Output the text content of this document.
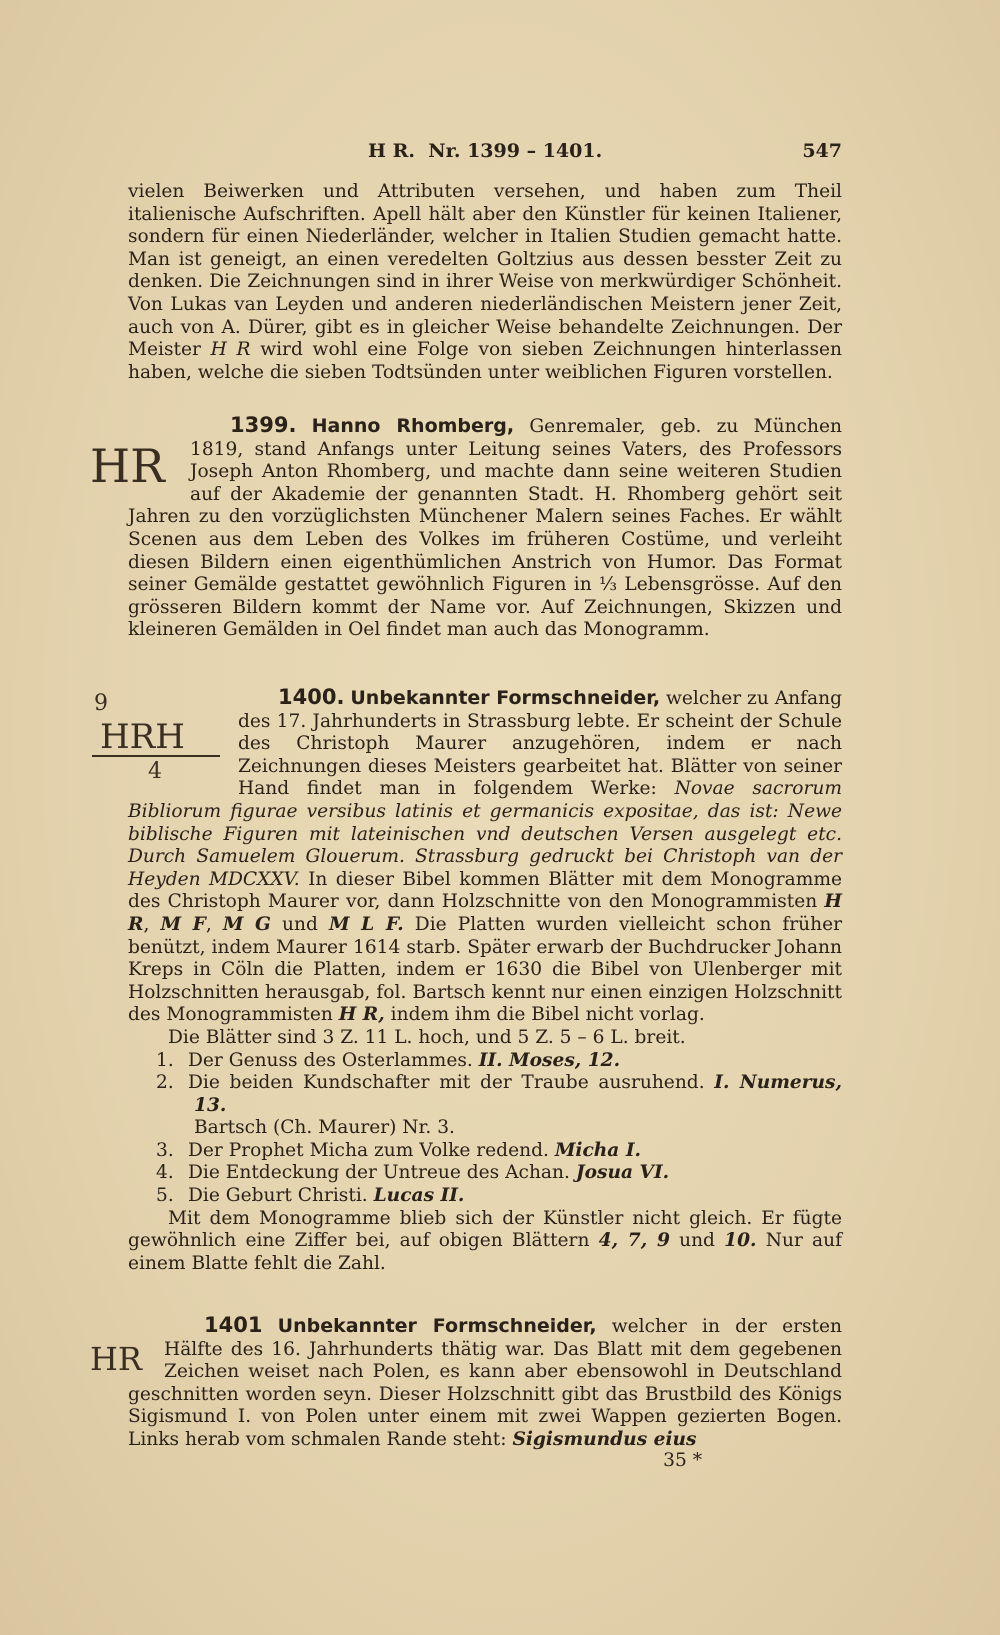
H R. Nr. 1399 – 1401.	547

vielen Beiwerken und Attributen versehen, und haben zum Theil italienische Aufschriften. Apell hält aber den Künstler für keinen Italiener, sondern für einen Niederländer, welcher in Italien Studien gemacht hatte. Man ist geneigt, an einen veredelten Goltzius aus dessen besster Zeit zu denken. Die Zeichnungen sind in ihrer Weise von merkwürdiger Schönheit. Von Lukas van Leyden und anderen niederländischen Meistern jener Zeit, auch von A. Dürer, gibt es in gleicher Weise behandelte Zeichnungen. Der Meister H R wird wohl eine Folge von sieben Zeichnungen hinterlassen haben, welche die sieben Todtsünden unter weiblichen Figuren vorstellen.

1399. Hanno Rhomberg,
HR
Genremaler, geb. zu München 1819, stand Anfangs unter Leitung seines Vaters, des Professors Joseph Anton Rhomberg, und machte dann seine weiteren Studien auf der Akademie der genannten Stadt. H. Rhomberg gehört seit Jahren zu den vorzüglichsten Münchener Malern seines Faches. Er wählt Scenen aus dem Leben des Volkes im früheren Costüme, und verleiht diesen Bildern einen eigenthümlichen Anstrich von Humor. Das Format seiner Gemälde gestattet gewöhnlich Figuren in ⅓ Lebensgrösse. Auf den grösseren Bildern kommt der Name vor. Auf Zeichnungen, Skizzen und kleineren Gemälden in Oel findet man auch das Monogramm.

1400. Unbekannter Formschneider,
9
HRH
4
welcher zu Anfang des 17. Jahrhunderts in Strassburg lebte. Er scheint der Schule des Christoph Maurer anzugehören, indem er nach Zeichnungen dieses Meisters gearbeitet hat. Blätter von seiner Hand findet man in folgendem Werke: Novae sacrorum Bibliorum figurae versibus latinis et germanicis expositae, das ist: Newe biblische Figuren mit lateinischen vnd deutschen Versen ausgelegt etc. Durch Samuelem Glouerum. Strassburg gedruckt bei Christoph van der Heyden MDCXXV. In dieser Bibel kommen Blätter mit dem Monogramme des Christoph Maurer vor, dann Holzschnitte von den Monogrammisten H R, M F, M G und M L F. Die Platten wurden vielleicht schon früher benützt, indem Maurer 1614 starb. Später erwarb der Buchdrucker Johann Kreps in Cöln die Platten, indem er 1630 die Bibel von Ulenberger mit Holzschnitten herausgab, fol. Bartsch kennt nur einen einzigen Holzschnitt des Monogrammisten H R, indem ihm die Bibel nicht vorlag.

Die Blätter sind 3 Z. 11 L. hoch, und 5 Z. 5 – 6 L. breit.

1. Der Genuss des Osterlammes. II. Moses, 12.
2. Die beiden Kundschafter mit der Traube ausruhend. I. Numerus, 13.
Bartsch (Ch. Maurer) Nr. 3.
3. Der Prophet Micha zum Volke redend. Micha I.
4. Die Entdeckung der Untreue des Achan. Josua VI.
5. Die Geburt Christi. Lucas II.

Mit dem Monogramme blieb sich der Künstler nicht gleich. Er fügte gewöhnlich eine Ziffer bei, auf obigen Blättern 4, 7, 9 und 10. Nur auf einem Blatte fehlt die Zahl.

1401 Unbekannter Formschneider,
HR
welcher in der ersten Hälfte des 16. Jahrhunderts thätig war. Das Blatt mit dem gegebenen Zeichen weiset nach Polen, es kann aber ebensowohl in Deutschland geschnitten worden seyn. Dieser Holzschnitt gibt das Brustbild des Königs Sigismund I. von Polen unter einem mit zwei Wappen gezierten Bogen. Links herab vom schmalen Rande steht: Sigismundus eius

35 *
